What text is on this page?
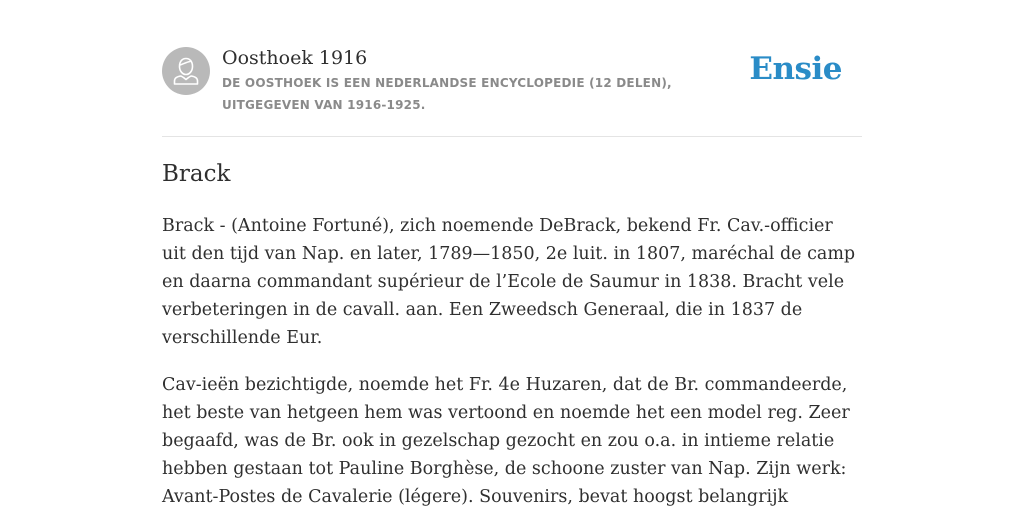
Oosthoek 1916
DE OOSTHOEK IS EEN NEDERLANDSE ENCYCLOPEDIE (12 DELEN), UITGEGEVEN VAN 1916-1925.
Ensie
Brack

Brack - (Antoine Fortuné), zich noemende DeBrack, bekend Fr. Cav.-officier uit den tijd van Nap. en later, 1789—1850, 2e luit. in 1807, maréchal de camp en daarna commandant supérieur de l’Ecole de Saumur in 1838. Bracht vele verbeteringen in de cavall. aan. Een Zweedsch Generaal, die in 1837 de verschillende Eur.

Cav-ieën bezichtigde, noemde het Fr. 4e Huzaren, dat de Br. commandeerde, het beste van hetgeen hem was vertoond en noemde het een model reg. Zeer begaafd, was de Br. ook in gezelschap gezocht en zou o.a. in intieme relatie hebben gestaan tot Pauline Borghèse, de schoone zuster van Nap. Zijn werk: Avant-Postes de Cavalerie (légere). Souvenirs, bevat hoogst belangrijk
